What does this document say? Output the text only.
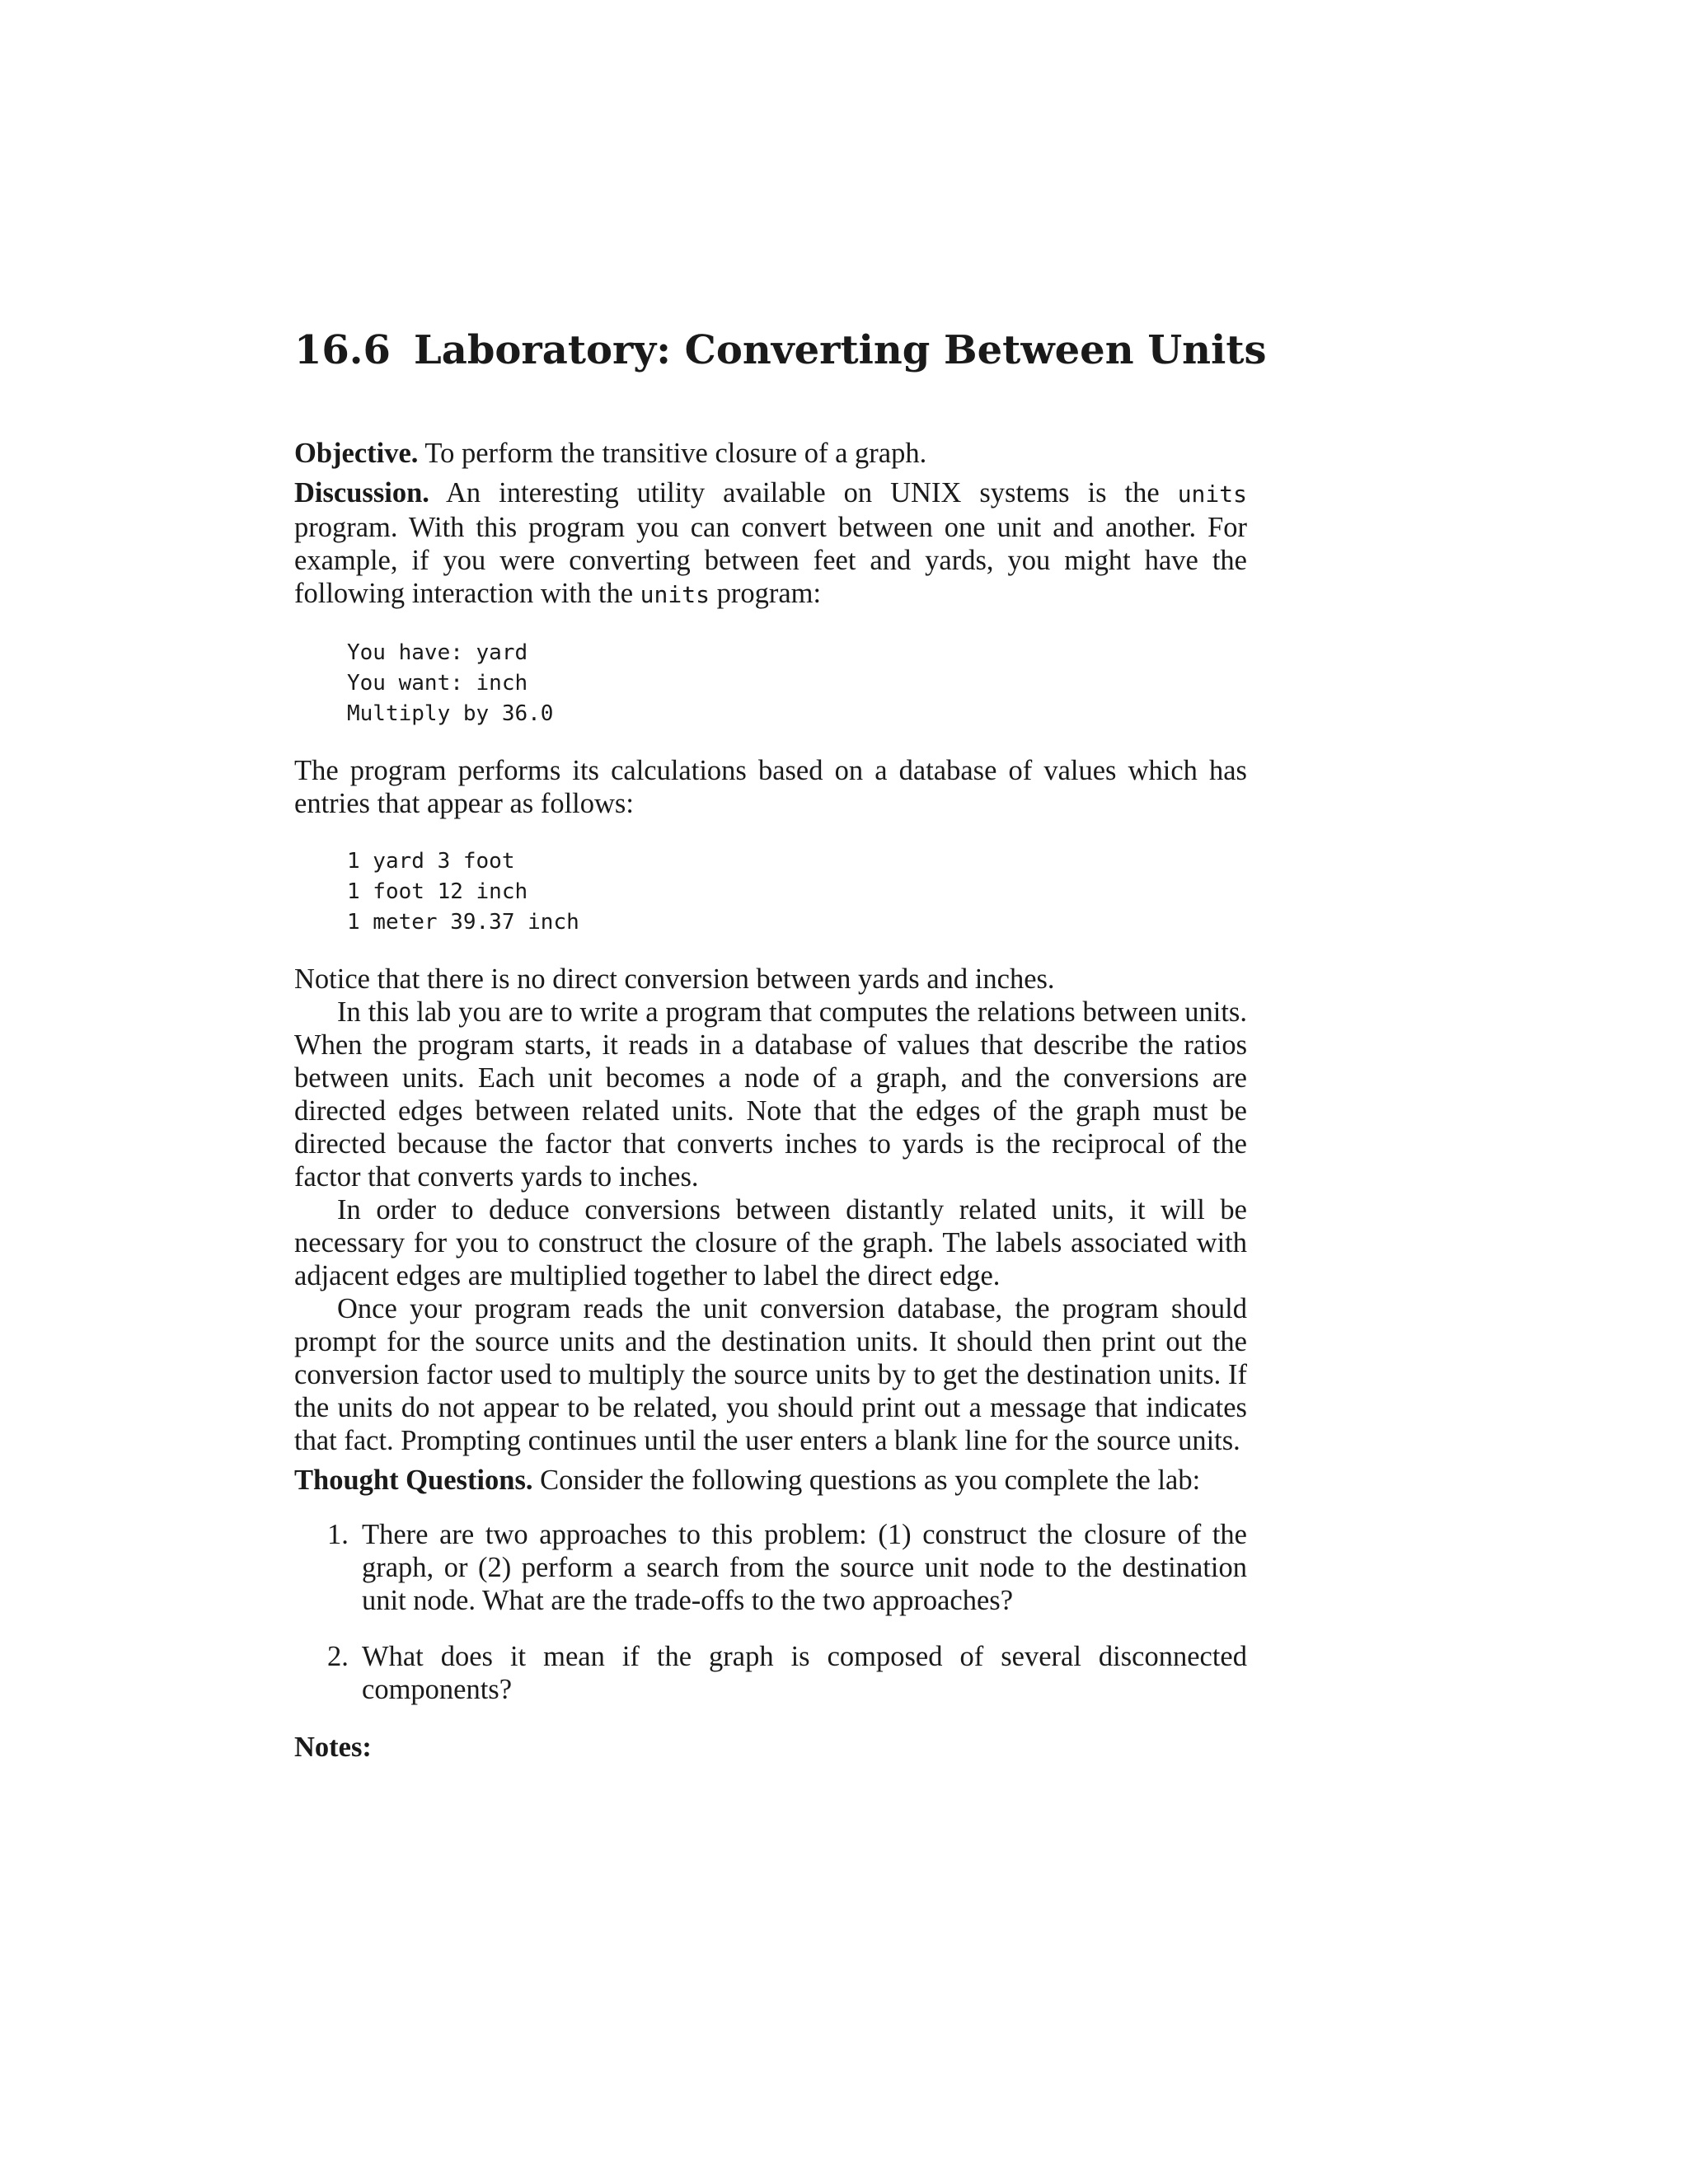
16.6 Laboratory: Converting Between Units

Objective. To perform the transitive closure of a graph.

Discussion. An interesting utility available on UNIX systems is the units program. With this program you can convert between one unit and another. For example, if you were converting between feet and yards, you might have the following interaction with the units program:

You have: yard
You want: inch
Multiply by 36.0

The program performs its calculations based on a database of values which has entries that appear as follows:

1 yard 3 foot
1 foot 12 inch
1 meter 39.37 inch

Notice that there is no direct conversion between yards and inches.

In this lab you are to write a program that computes the relations between units. When the program starts, it reads in a database of values that describe the ratios between units. Each unit becomes a node of a graph, and the conversions are directed edges between related units. Note that the edges of the graph must be directed because the factor that converts inches to yards is the reciprocal of the factor that converts yards to inches.

In order to deduce conversions between distantly related units, it will be necessary for you to construct the closure of the graph. The labels associated with adjacent edges are multiplied together to label the direct edge.

Once your program reads the unit conversion database, the program should prompt for the source units and the destination units. It should then print out the conversion factor used to multiply the source units by to get the destination units. If the units do not appear to be related, you should print out a message that indicates that fact. Prompting continues until the user enters a blank line for the source units.

Thought Questions. Consider the following questions as you complete the lab:

1. There are two approaches to this problem: (1) construct the closure of the graph, or (2) perform a search from the source unit node to the destination unit node. What are the trade-offs to the two approaches?
2. What does it mean if the graph is composed of several disconnected components?

Notes:
